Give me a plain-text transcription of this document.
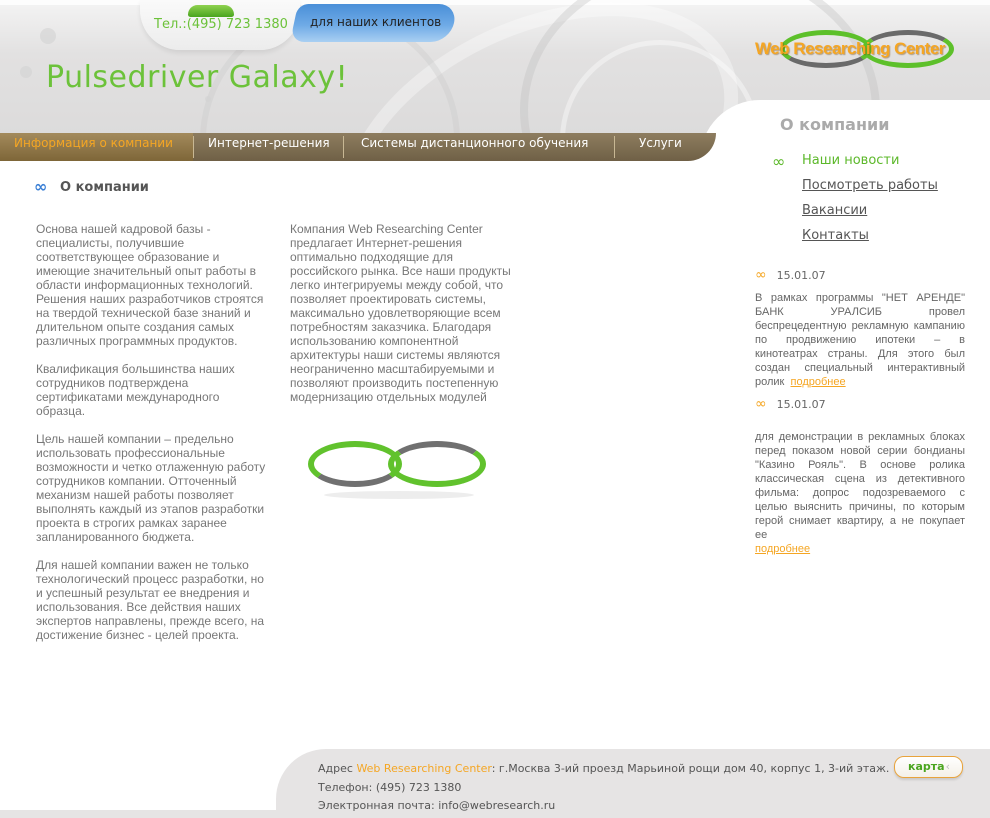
Тел.:(495) 723 1380 для наших клиентов
Pulsedriver Galaxy!
Web Researching Center
Информация о компании	Интернет-решения	Системы дистанционного обучения	Услуги
∞ О компании

Основа нашей кадровой базы - специалисты, получившие соответствующее образование и имеющие значительный опыт работы в области информационных технологий. Решения наших разработчиков строятся на твердой технической базе знаний и длительном опыте создания самых различных программных продуктов.

Квалификация большинства наших сотрудников подтверждена сертификатами международного образца.

Цель нашей компании – предельно использовать профессиональные возможности и четко отлаженную работу сотрудников компании. Отточенный механизм нашей работы позволяет выполнять каждый из этапов разработки проекта в строгих рамках заранее запланированного бюджета.

Для нашей компании важен не только технологический процесс разработки, но и успешный результат ее внедрения и использования. Все действия наших экспертов направлены, прежде всего, на достижение бизнес - целей проекта.

Компания Web Researching Center предлагает Интернет-решения оптимально подходящие для российского рынка. Все наши продукты легко интегрируемы между собой, что позволяет проектировать системы, максимально удовлетворяющие всем потребностям заказчика. Благодаря использованию компонентной архитектуры наши системы являются неограниченно масштабируемыми и позволяют производить постепенную модернизацию отдельных модулей

О компании
∞ Наши новости
Посмотреть работы
Вакансии
Контакты
∞ 15.01.07
В рамках программы "НЕТ АРЕНДЕ" БАНК УРАЛСИБ провел беспрецедентную рекламную кампанию по продвижению ипотеки – в кинотеатрах страны. Для этого был создан специальный интерактивный ролик подробнее
∞ 15.01.07
для демонстрации в рекламных блоках перед показом новой серии бондианы "Казино Рояль". В основе ролика классическая сцена из детективного фильма: допрос подозреваемого с целью выяснить причины, по которым герой снимает квартиру, а не покупает ее
подробнее
Адрес Web Researching Center: г.Москва 3-ий проезд Марьиной рощи дом 40, корпус 1, 3-ий этаж.
Телефон: (495) 723 1380
Электронная почта: info@webresearch.ru
карта‹
